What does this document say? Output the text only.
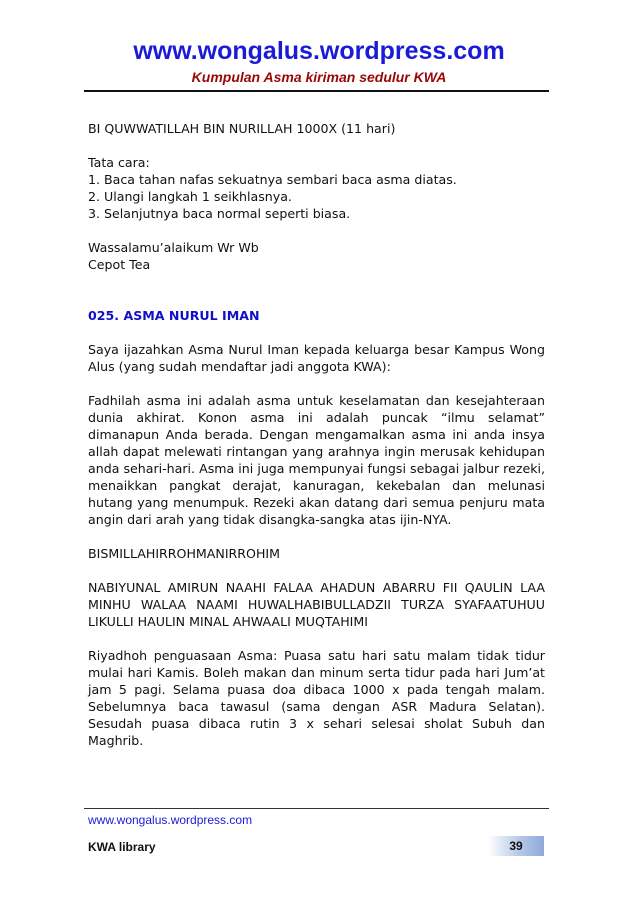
www.wongalus.wordpress.com
Kumpulan Asma kiriman sedulur KWA

BI QUWWATILLAH BIN NURILLAH 1000X (11 hari)

Tata cara:

1. Baca tahan nafas sekuatnya sembari baca asma diatas.

2. Ulangi langkah 1 seikhlasnya.

3. Selanjutnya baca normal seperti biasa.

Wassalamu’alaikum Wr Wb

Cepot Tea

025. ASMA NURUL IMAN

Saya ijazahkan Asma Nurul Iman kepada keluarga besar Kampus Wong Alus (yang sudah mendaftar jadi anggota KWA):

Fadhilah asma ini adalah asma untuk keselamatan dan kesejahteraan dunia akhirat. Konon asma ini adalah puncak “ilmu selamat” dimanapun Anda berada. Dengan mengamalkan asma ini anda insya allah dapat melewati rintangan yang arahnya ingin merusak kehidupan anda sehari-hari. Asma ini juga mempunyai fungsi sebagai jalbur rezeki, menaikkan pangkat derajat, kanuragan, kekebalan dan melunasi hutang yang menumpuk. Rezeki akan datang dari semua penjuru mata angin dari arah yang tidak disangka-sangka atas ijin-NYA.

BISMILLAHIRROHMANIRROHIM

NABIYUNAL AMIRUN NAAHI FALAA AHADUN ABARRU FII QAULIN LAA MINHU WALAA NAAMI HUWALHABIBULLADZII TURZA SYAFAATUHUU LIKULLI HAULIN MINAL AHWAALI MUQTAHIMI

Riyadhoh penguasaan Asma: Puasa satu hari satu malam tidak tidur mulai hari Kamis. Boleh makan dan minum serta tidur pada hari Jum’at jam 5 pagi. Selama puasa doa dibaca 1000 x pada tengah malam. Sebelumnya baca tawasul (sama dengan ASR Madura Selatan). Sesudah puasa dibaca rutin 3 x sehari selesai sholat Subuh dan Maghrib.

www.wongalus.wordpress.com
KWA library	39
